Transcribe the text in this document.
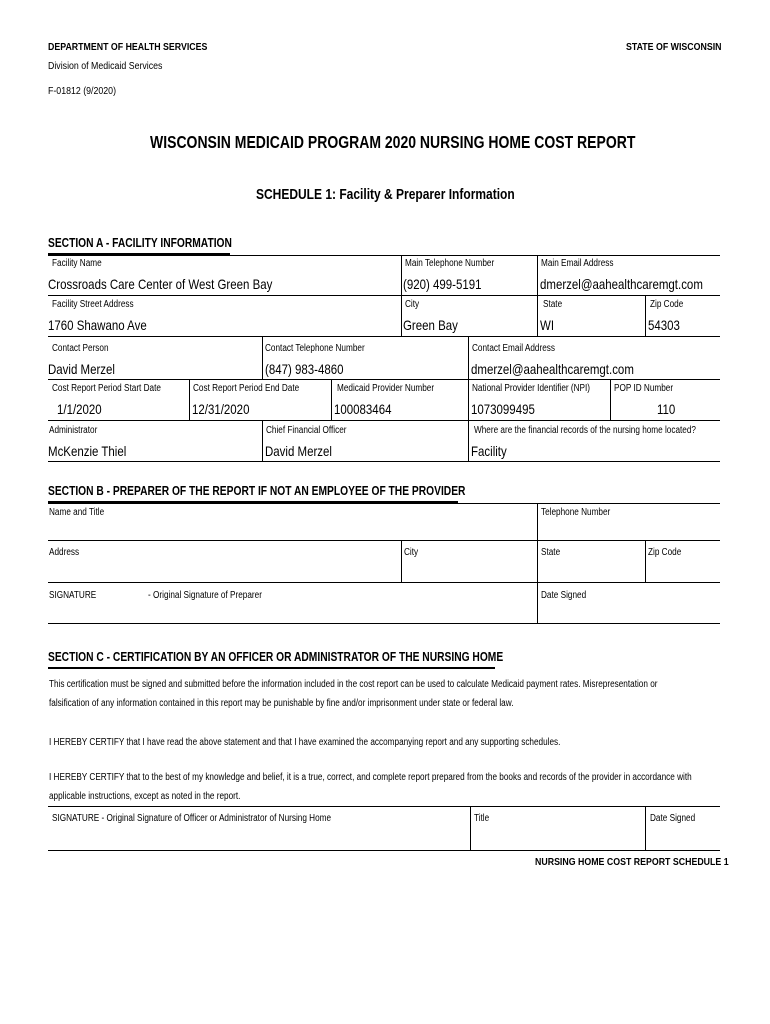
DEPARTMENT OF HEALTH SERVICES
Division of Medicaid Services
F-01812 (9/2020)
STATE OF WISCONSIN
WISCONSIN MEDICAID PROGRAM 2020 NURSING HOME COST REPORT
SCHEDULE 1: Facility & Preparer Information
SECTION A - FACILITY INFORMATION
Facility Name
Crossroads Care Center of West Green Bay
Main Telephone Number
(920) 499-5191
Main Email Address
dmerzel@aahealthcaremgt.com
Facility Street Address
1760 Shawano Ave
City
Green Bay
State
WI
Zip Code
54303
Contact Person
David Merzel
Contact Telephone Number
(847) 983-4860
Contact Email Address
dmerzel@aahealthcaremgt.com
Cost Report Period Start Date
1/1/2020
Cost Report Period End Date
12/31/2020
Medicaid Provider Number
100083464
National Provider Identifier (NPI)
1073099495
POP ID Number
110
Administrator
McKenzie Thiel
Chief Financial Officer
David Merzel
Where are the financial records of the nursing home located?
Facility
SECTION B - PREPARER OF THE REPORT IF NOT AN EMPLOYEE OF THE PROVIDER
Name and Title	Telephone Number
Address	City	State	Zip Code
SIGNATURE	- Original Signature of Preparer	Date Signed
SECTION C - CERTIFICATION BY AN OFFICER OR ADMINISTRATOR OF THE NURSING HOME
This certification must be signed and submitted before the information included in the cost report can be used to calculate Medicaid payment rates. Misrepresentation or
falsification of any information contained in this report may be punishable by fine and/or imprisonment under state or federal law.
I HEREBY CERTIFY that I have read the above statement and that I have examined the accompanying report and any supporting schedules.
I HEREBY CERTIFY that to the best of my knowledge and belief, it is a true, correct, and complete report prepared from the books and records of the provider in accordance with
applicable instructions, except as noted in the report.
SIGNATURE - Original Signature of Officer or Administrator of Nursing Home	Title	Date Signed
NURSING HOME COST REPORT SCHEDULE 1
